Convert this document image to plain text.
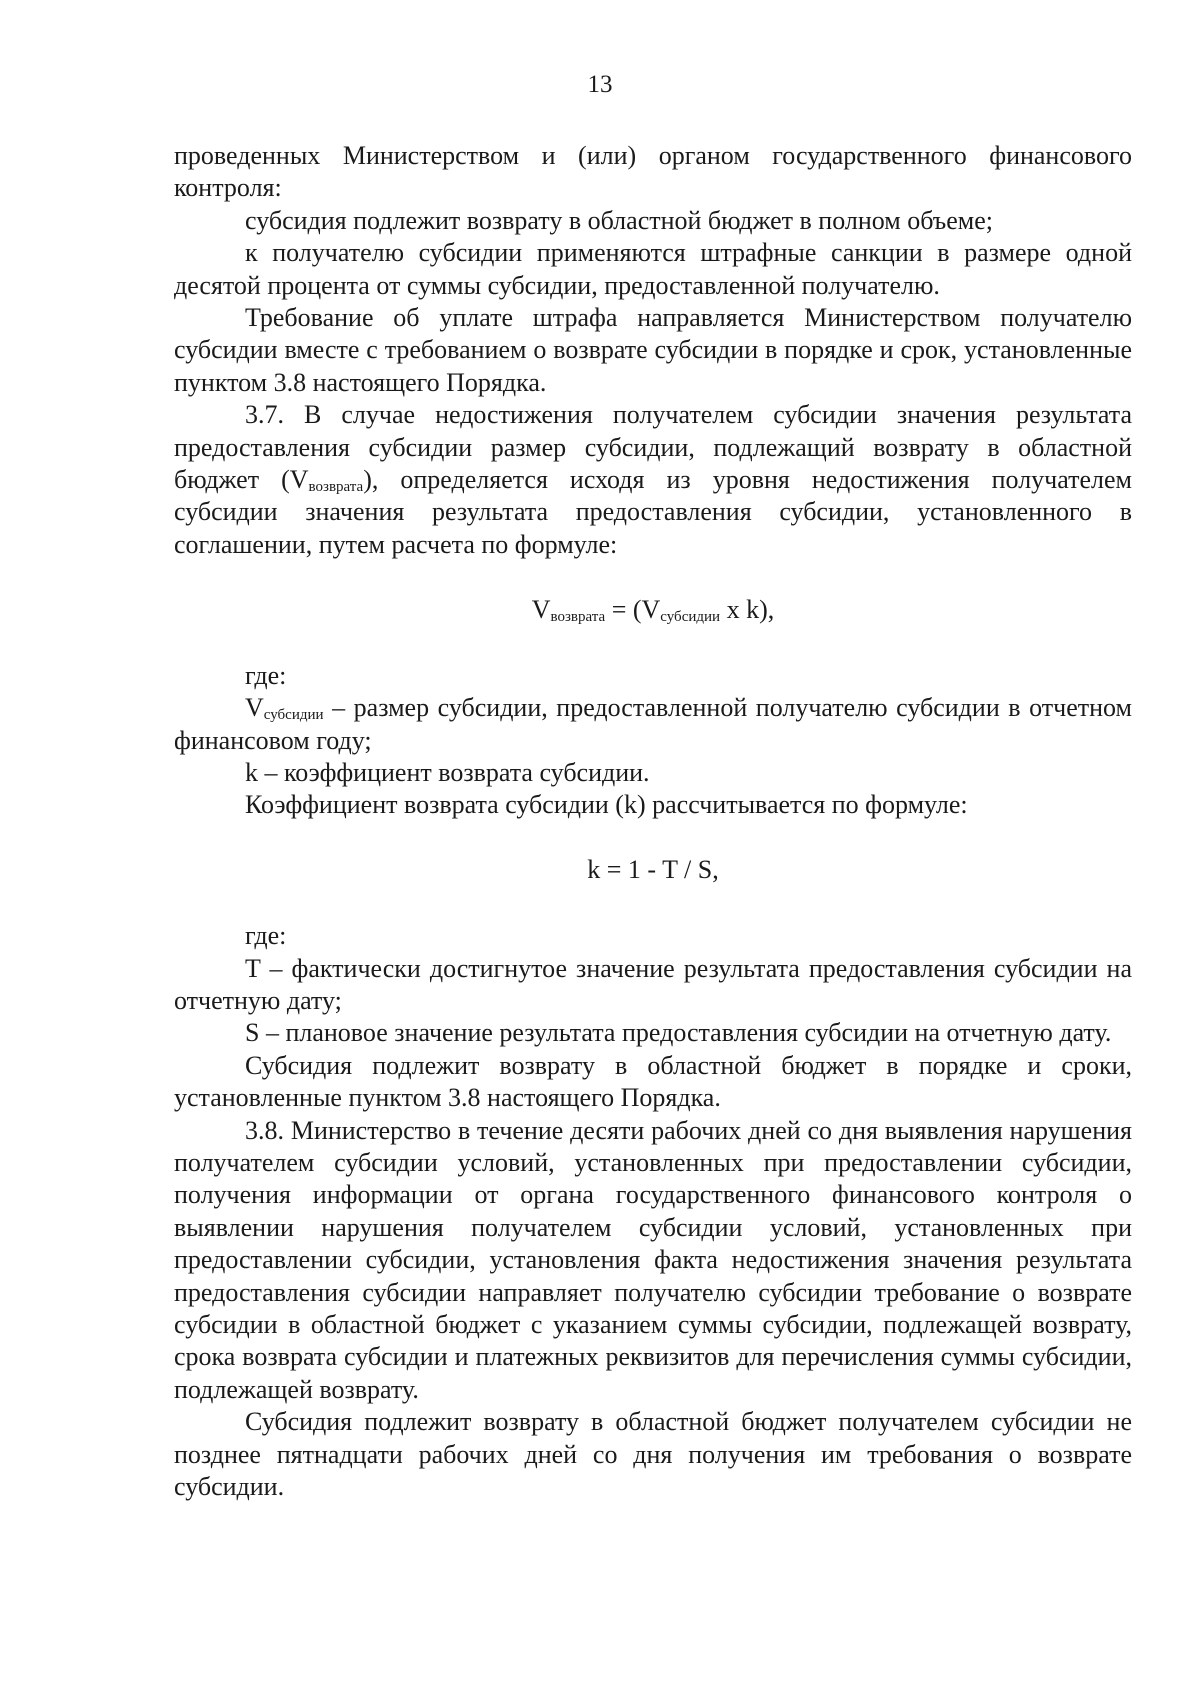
13

проведенных Министерством и (или) органом государственного финансового контроля:

субсидия подлежит возврату в областной бюджет в полном объеме;

к получателю субсидии применяются штрафные санкции в размере одной десятой процента от суммы субсидии, предоставленной получателю.

Требование об уплате штрафа направляется Министерством получателю субсидии вместе с требованием о возврате субсидии в порядке и срок, установленные пунктом 3.8 настоящего Порядка.

3.7. В случае недостижения получателем субсидии значения результата предоставления субсидии размер субсидии, подлежащий возврату в областной бюджет $(V_{возврата})$, определяется исходя из уровня недостижения получателем субсидии значения результата предоставления субсидии, установленного в соглашении, путем расчета по формуле:

$V_{возврата} = (V_{субсидии}$ x k),

где:

$V_{субсидии}$ – размер субсидии, предоставленной получателю субсидии в отчетном финансовом году;

k – коэффициент возврата субсидии.

Коэффициент возврата субсидии (k) рассчитывается по формуле:

k = 1 - T / S,

где:

T – фактически достигнутое значение результата предоставления субсидии на отчетную дату;

S – плановое значение результата предоставления субсидии на отчетную дату.

Субсидия подлежит возврату в областной бюджет в порядке и сроки, установленные пунктом 3.8 настоящего Порядка.

3.8. Министерство в течение десяти рабочих дней со дня выявления нарушения получателем субсидии условий, установленных при предоставлении субсидии, получения информации от органа государственного финансового контроля о выявлении нарушения получателем субсидии условий, установленных при предоставлении субсидии, установления факта недостижения значения результата предоставления субсидии направляет получателю субсидии требование о возврате субсидии в областной бюджет с указанием суммы субсидии, подлежащей возврату, срока возврата субсидии и платежных реквизитов для перечисления суммы субсидии, подлежащей возврату.

Субсидия подлежит возврату в областной бюджет получателем субсидии не позднее пятнадцати рабочих дней со дня получения им требования о возврате субсидии.
